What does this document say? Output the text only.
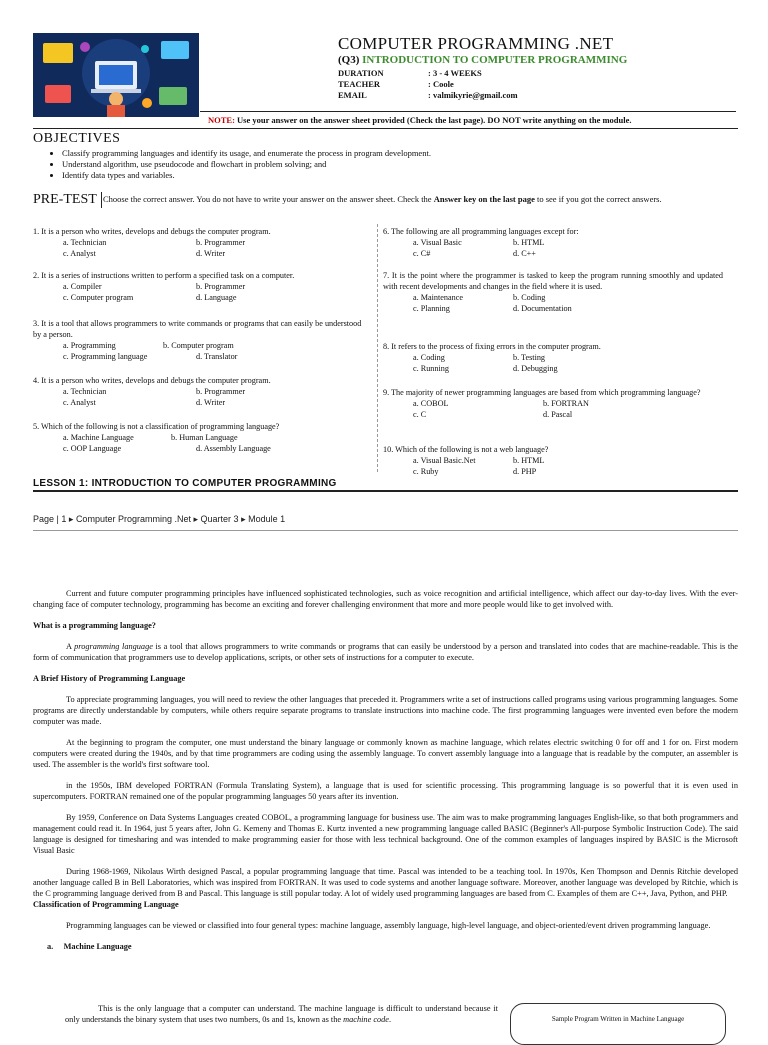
COMPUTER PROGRAMMING .NET
(Q3) INTRODUCTION TO COMPUTER PROGRAMMING
DURATION	: 3 - 4 WEEKS
TEACHER	: Coole
EMAIL	: valmikyrie@gmail.com
NOTE: Use your answer on the answer sheet provided (Check the last page). DO NOT write anything on the module.
OBJECTIVES
• Classify programming languages and identify its usage, and enumerate the process in program development.
• Understand algorithm, use pseudocode and flowchart in problem solving; and
• Identify data types and variables.
Choose the correct answer. You do not have to write your answer on the answer sheet. Check the Answer key on the last page to see if you got the correct answers.
PRE-TEST
1. It is a person who writes, develops and debugs the computer program.
a. Technician	b. Programmer
c. Analyst	d. Writer
2. It is a series of instructions written to perform a specified task on a computer.
a. Compiler	b. Programmer
c. Computer program	d. Language
3. It is a tool that allows programmers to write commands or programs that can easily be understood by a person.
a. Programming	b. Computer program
c. Programming language	d. Translator
4. It is a person who writes, develops and debugs the computer program.
a. Technician	b. Programmer
c. Analyst	d. Writer
5. Which of the following is not a classification of programming language?
a. Machine Language	b. Human Language
c. OOP Language	d. Assembly Language
6. The following are all programming languages except for:
a. Visual Basic	b. HTML
c. C#	d. C++
7. It is the point where the programmer is tasked to keep the program running smoothly and updated with recent developments and changes in the field where it is used.
a. Maintenance	b. Coding
c. Planning	d. Documentation
8. It refers to the process of fixing errors in the computer program.
a. Coding	b. Testing
c. Running	d. Debugging
9. The majority of newer programming languages are based from which programming language?
a. COBOL	b. FORTRAN
c. C	d. Pascal
10. Which of the following is not a web language?
a. Visual Basic.Net	b. HTML
c. Ruby	d. PHP
LESSON 1: INTRODUCTION TO COMPUTER PROGRAMMING
Page | 1 ▸ Computer Programming .Net ▸ Quarter 3 ▸ Module 1

Current and future computer programming principles have influenced sophisticated technologies, such as voice recognition and artificial intelligence, which affect our day-to-day lives. With the ever-changing face of computer technology, programming has become an exciting and forever challenging environment that more and more people would like to get involved with.

What is a programming language?

A programming language is a tool that allows programmers to write commands or programs that can easily be understood by a person and translated into codes that are machine-readable. This is the form of communication that programmers use to develop applications, scripts, or other sets of instructions for a computer to execute.

A Brief History of Programming Language

To appreciate programming languages, you will need to review the other languages that preceded it. Programmers write a set of instructions called programs using various programming languages. Some programs are directly understandable by computers, while others require separate programs to translate instructions into machine code. The first programming languages were invented even before the modern computer was made.

At the beginning to program the computer, one must understand the binary language or commonly known as machine language, which relates electric switching 0 for off and 1 for on. First modern computers were created during the 1940s, and by that time programmers are coding using the assembly language. To convert assembly language into a language that is readable by the computer, an assembler is used. The assembler is the world's first software tool.

in the 1950s, IBM developed FORTRAN (Formula Translating System), a language that is used for scientific processing. This programming language is so powerful that it is even used in supercomputers. FORTRAN remained one of the popular programming languages 50 years after its invention.

By 1959, Conference on Data Systems Languages created COBOL, a programming language for business use. The aim was to make programming languages English-like, so that both programmers and management could read it. In 1964, just 5 years after, John G. Kemeny and Thomas E. Kurtz invented a new programming language called BASIC (Beginner's All-purpose Symbolic Instruction Code). The said language is designed for timesharing and was intended to make programming easier for those with less technical background. One of the common examples of languages inspired by BASIC is the Microsoft Visual Basic

During 1968-1969, Nikolaus Wirth designed Pascal, a popular programming language that time. Pascal was intended to be a teaching tool. In 1970s, Ken Thompson and Dennis Ritchie developed another language called B in Bell Laboratories, which was inspired from FORTRAN. It was used to code systems and another language software. Moreover, another language was developed by Ritchie, which is the C programming language derived from B and Pascal. This language is still popular today. A lot of widely used programming languages are based from C. Examples of them are C++, Java, Python, and PHP.

Classification of Programming Language

Programming languages can be viewed or classified into four general types: machine language, assembly language, high-level language, and object-oriented/event driven programming language.

a.     Machine Language

This is the only language that a computer can understand. The machine language is difficult to understand because it only understands the binary system that uses two numbers, 0s and 1s, known as the machine code.	Sample Program Written in Machine Language
